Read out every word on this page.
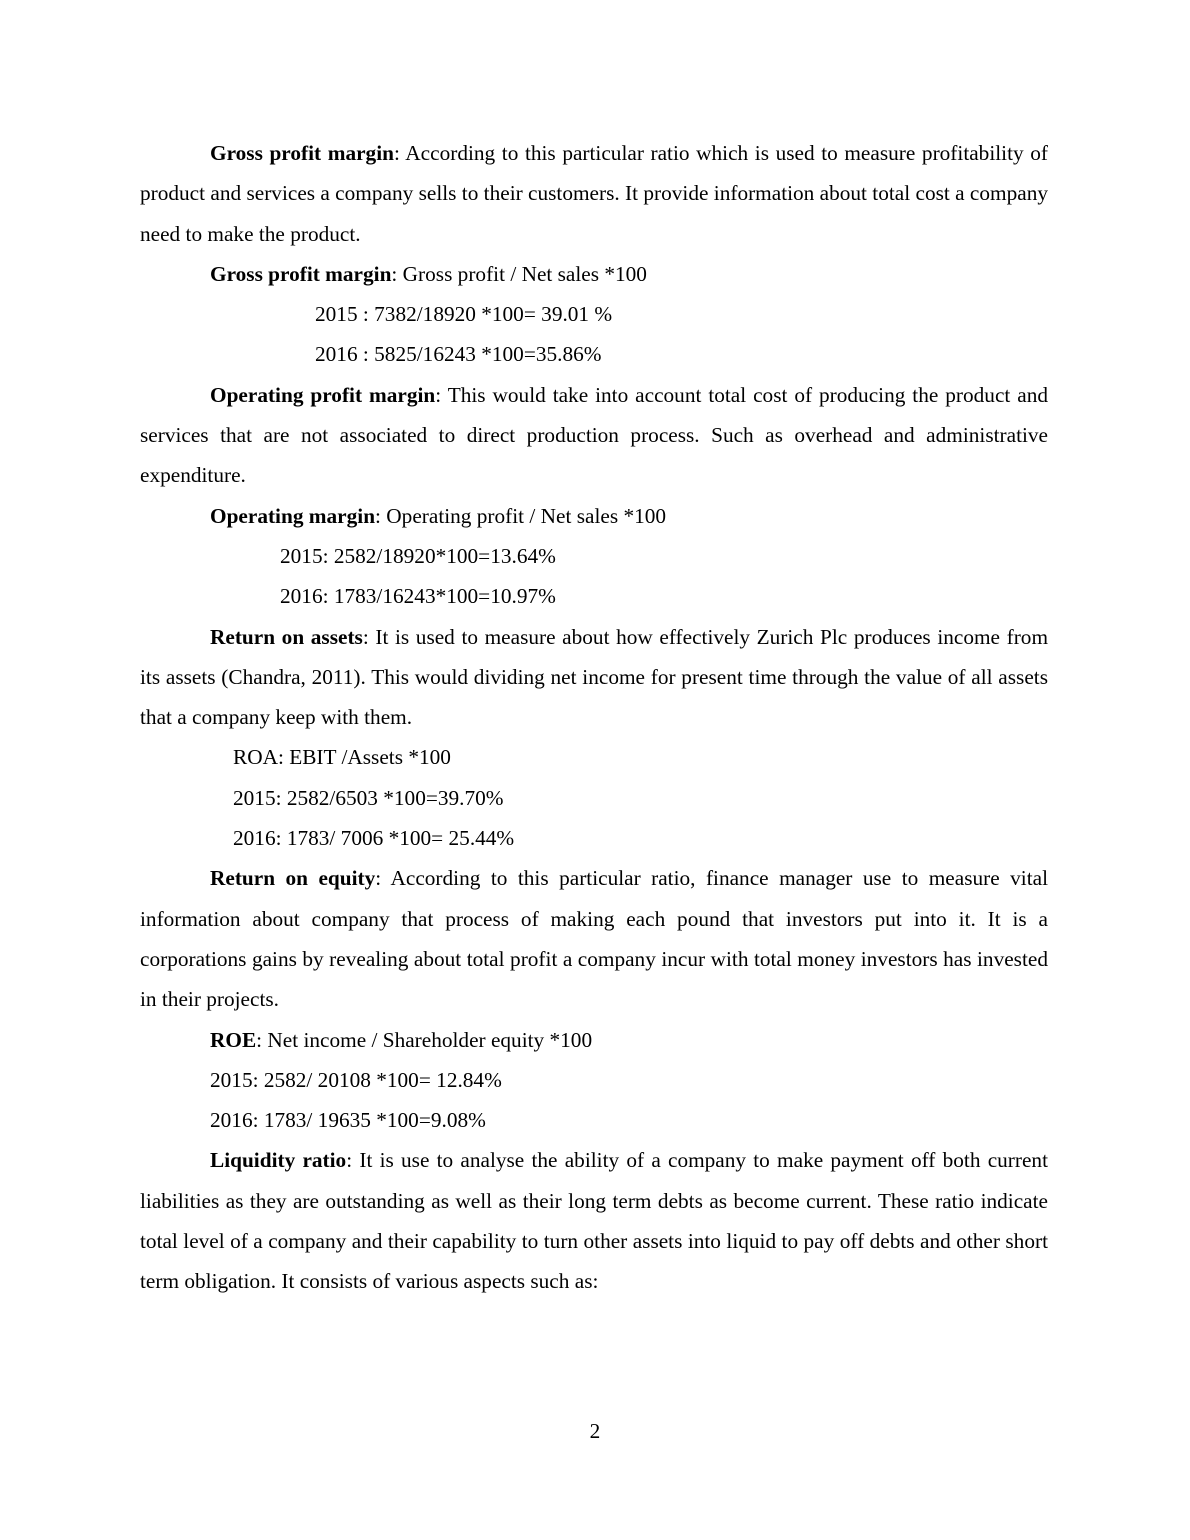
Gross profit margin: According to this particular ratio which is used to measure profitability of product and services a company sells to their customers. It provide information about total cost a company need to make the product.

Gross profit margin: Gross profit / Net sales *100
2015 : 7382/18920 *100= 39.01 %
2016 : 5825/16243 *100=35.86%

Operating profit margin: This would take into account total cost of producing the product and services that are not associated to direct production process. Such as overhead and administrative expenditure.

Operating margin: Operating profit / Net sales *100
2015: 2582/18920*100=13.64%
2016: 1783/16243*100=10.97%

Return on assets: It is used to measure about how effectively Zurich Plc produces income from its assets (Chandra, 2011). This would dividing net income for present time through the value of all assets that a company keep with them.

ROA: EBIT /Assets *100
2015: 2582/6503 *100=39.70%
2016: 1783/ 7006 *100= 25.44%

Return on equity: According to this particular ratio, finance manager use to measure vital information about company that process of making each pound that investors put into it. It is a corporations gains by revealing about total profit a company incur with total money investors has invested in their projects.

ROE: Net income / Shareholder equity *100
2015: 2582/ 20108 *100= 12.84%
2016: 1783/ 19635 *100=9.08%

Liquidity ratio: It is use to analyse the ability of a company to make payment off both current liabilities as they are outstanding as well as their long term debts as become current. These ratio indicate total level of a company and their capability to turn other assets into liquid to pay off debts and other short term obligation. It consists of various aspects such as:

2
